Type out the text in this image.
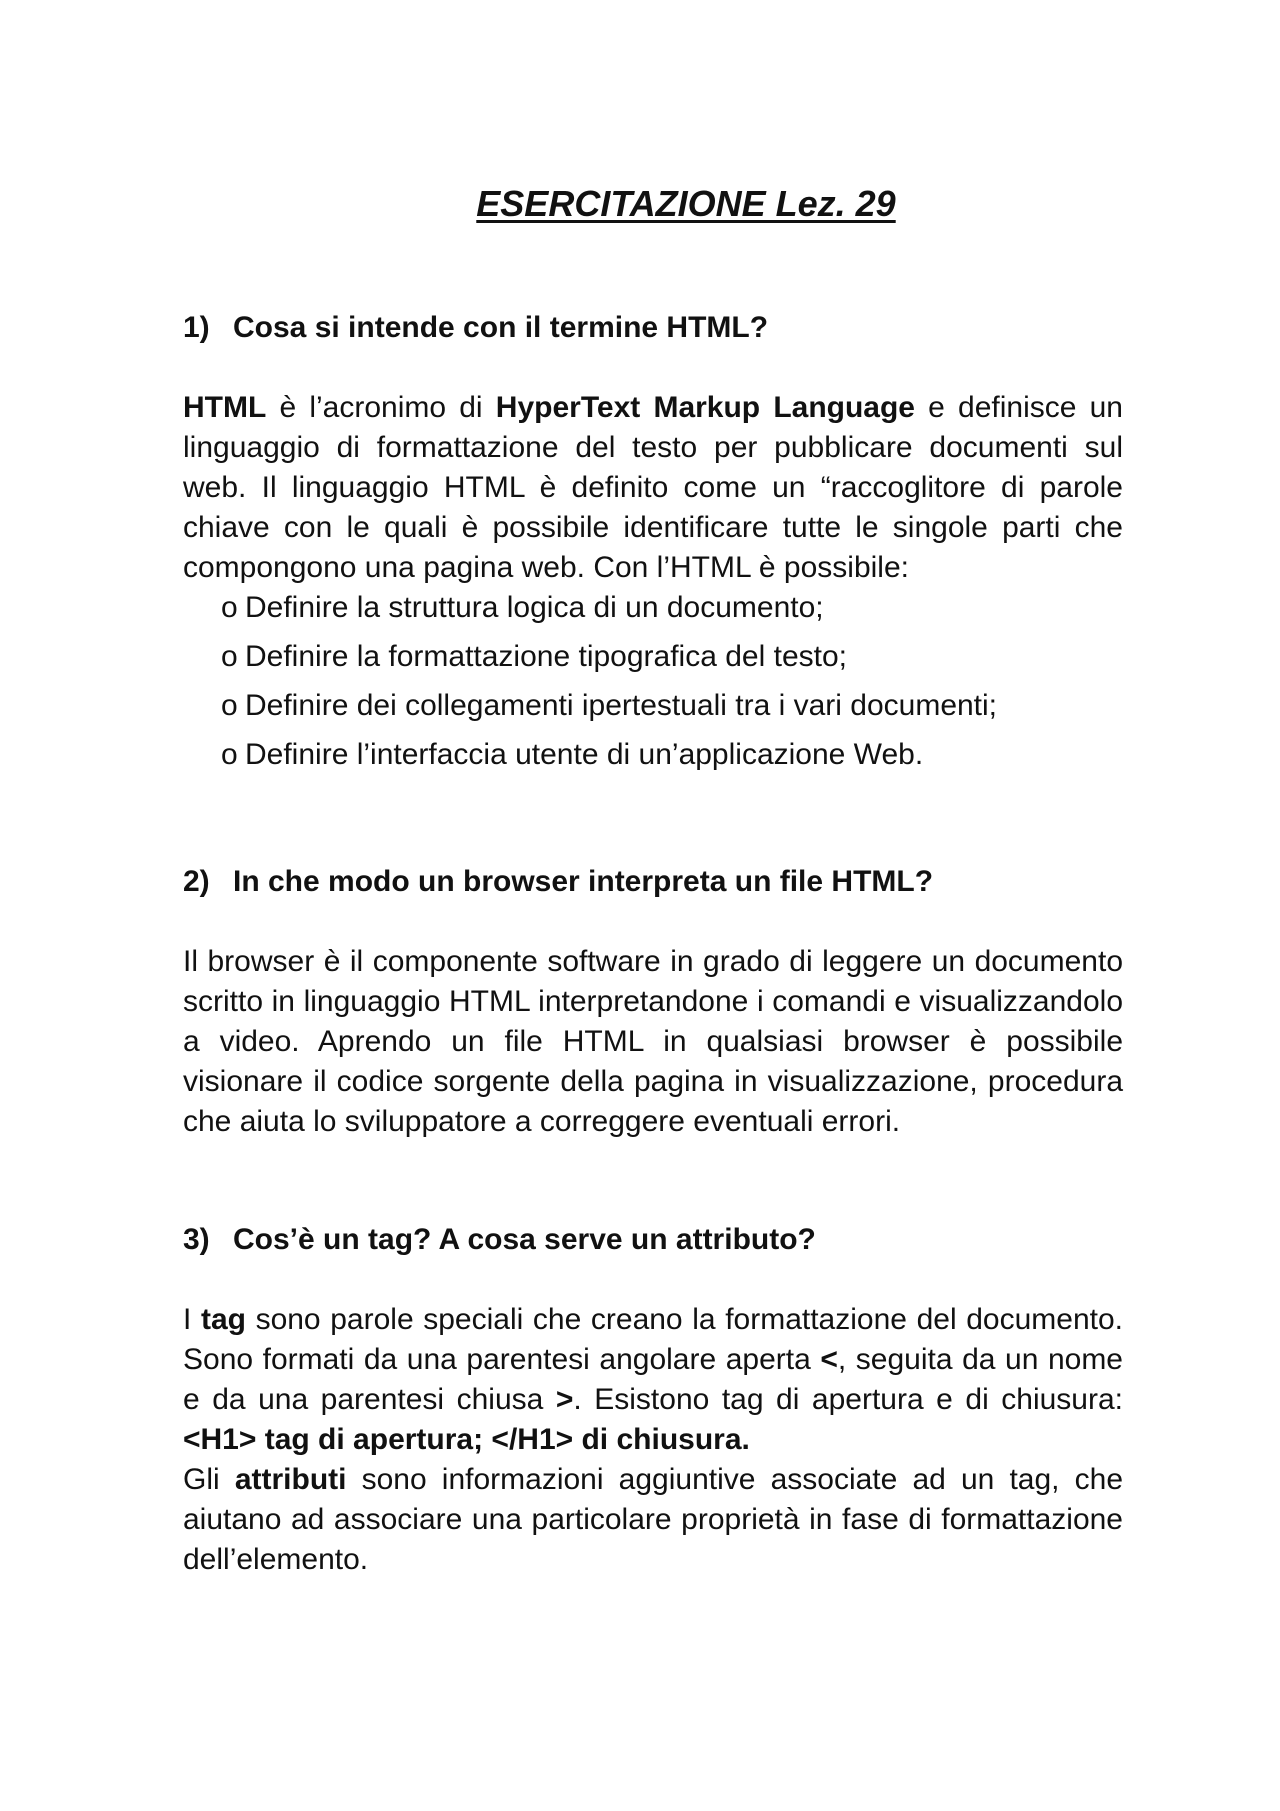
ESERCITAZIONE Lez. 29

1) Cosa si intende con il termine HTML?

HTML è l’acronimo di HyperText Markup Language e definisce un linguaggio di formattazione del testo per pubblicare documenti sul web. Il linguaggio HTML è definito come un “raccoglitore di parole chiave con le quali è possibile identificare tutte le singole parti che compongono una pagina web. Con l’HTML è possibile:

o Definire la struttura logica di un documento;
o Definire la formattazione tipografica del testo;
o Definire dei collegamenti ipertestuali tra i vari documenti;
o Definire l’interfaccia utente di un’applicazione Web.

2) In che modo un browser interpreta un file HTML?

Il browser è il componente software in grado di leggere un documento scritto in linguaggio HTML interpretandone i comandi e visualizzandolo a video. Aprendo un file HTML in qualsiasi browser è possibile visionare il codice sorgente della pagina in visualizzazione, procedura che aiuta lo sviluppatore a correggere eventuali errori.

3) Cos’è un tag? A cosa serve un attributo?

I tag sono parole speciali che creano la formattazione del documento. Sono formati da una parentesi angolare aperta <, seguita da un nome e da una parentesi chiusa >. Esistono tag di apertura e di chiusura: <H1> tag di apertura; </H1> di chiusura.

Gli attributi sono informazioni aggiuntive associate ad un tag, che aiutano ad associare una particolare proprietà in fase di formattazione dell’elemento.
